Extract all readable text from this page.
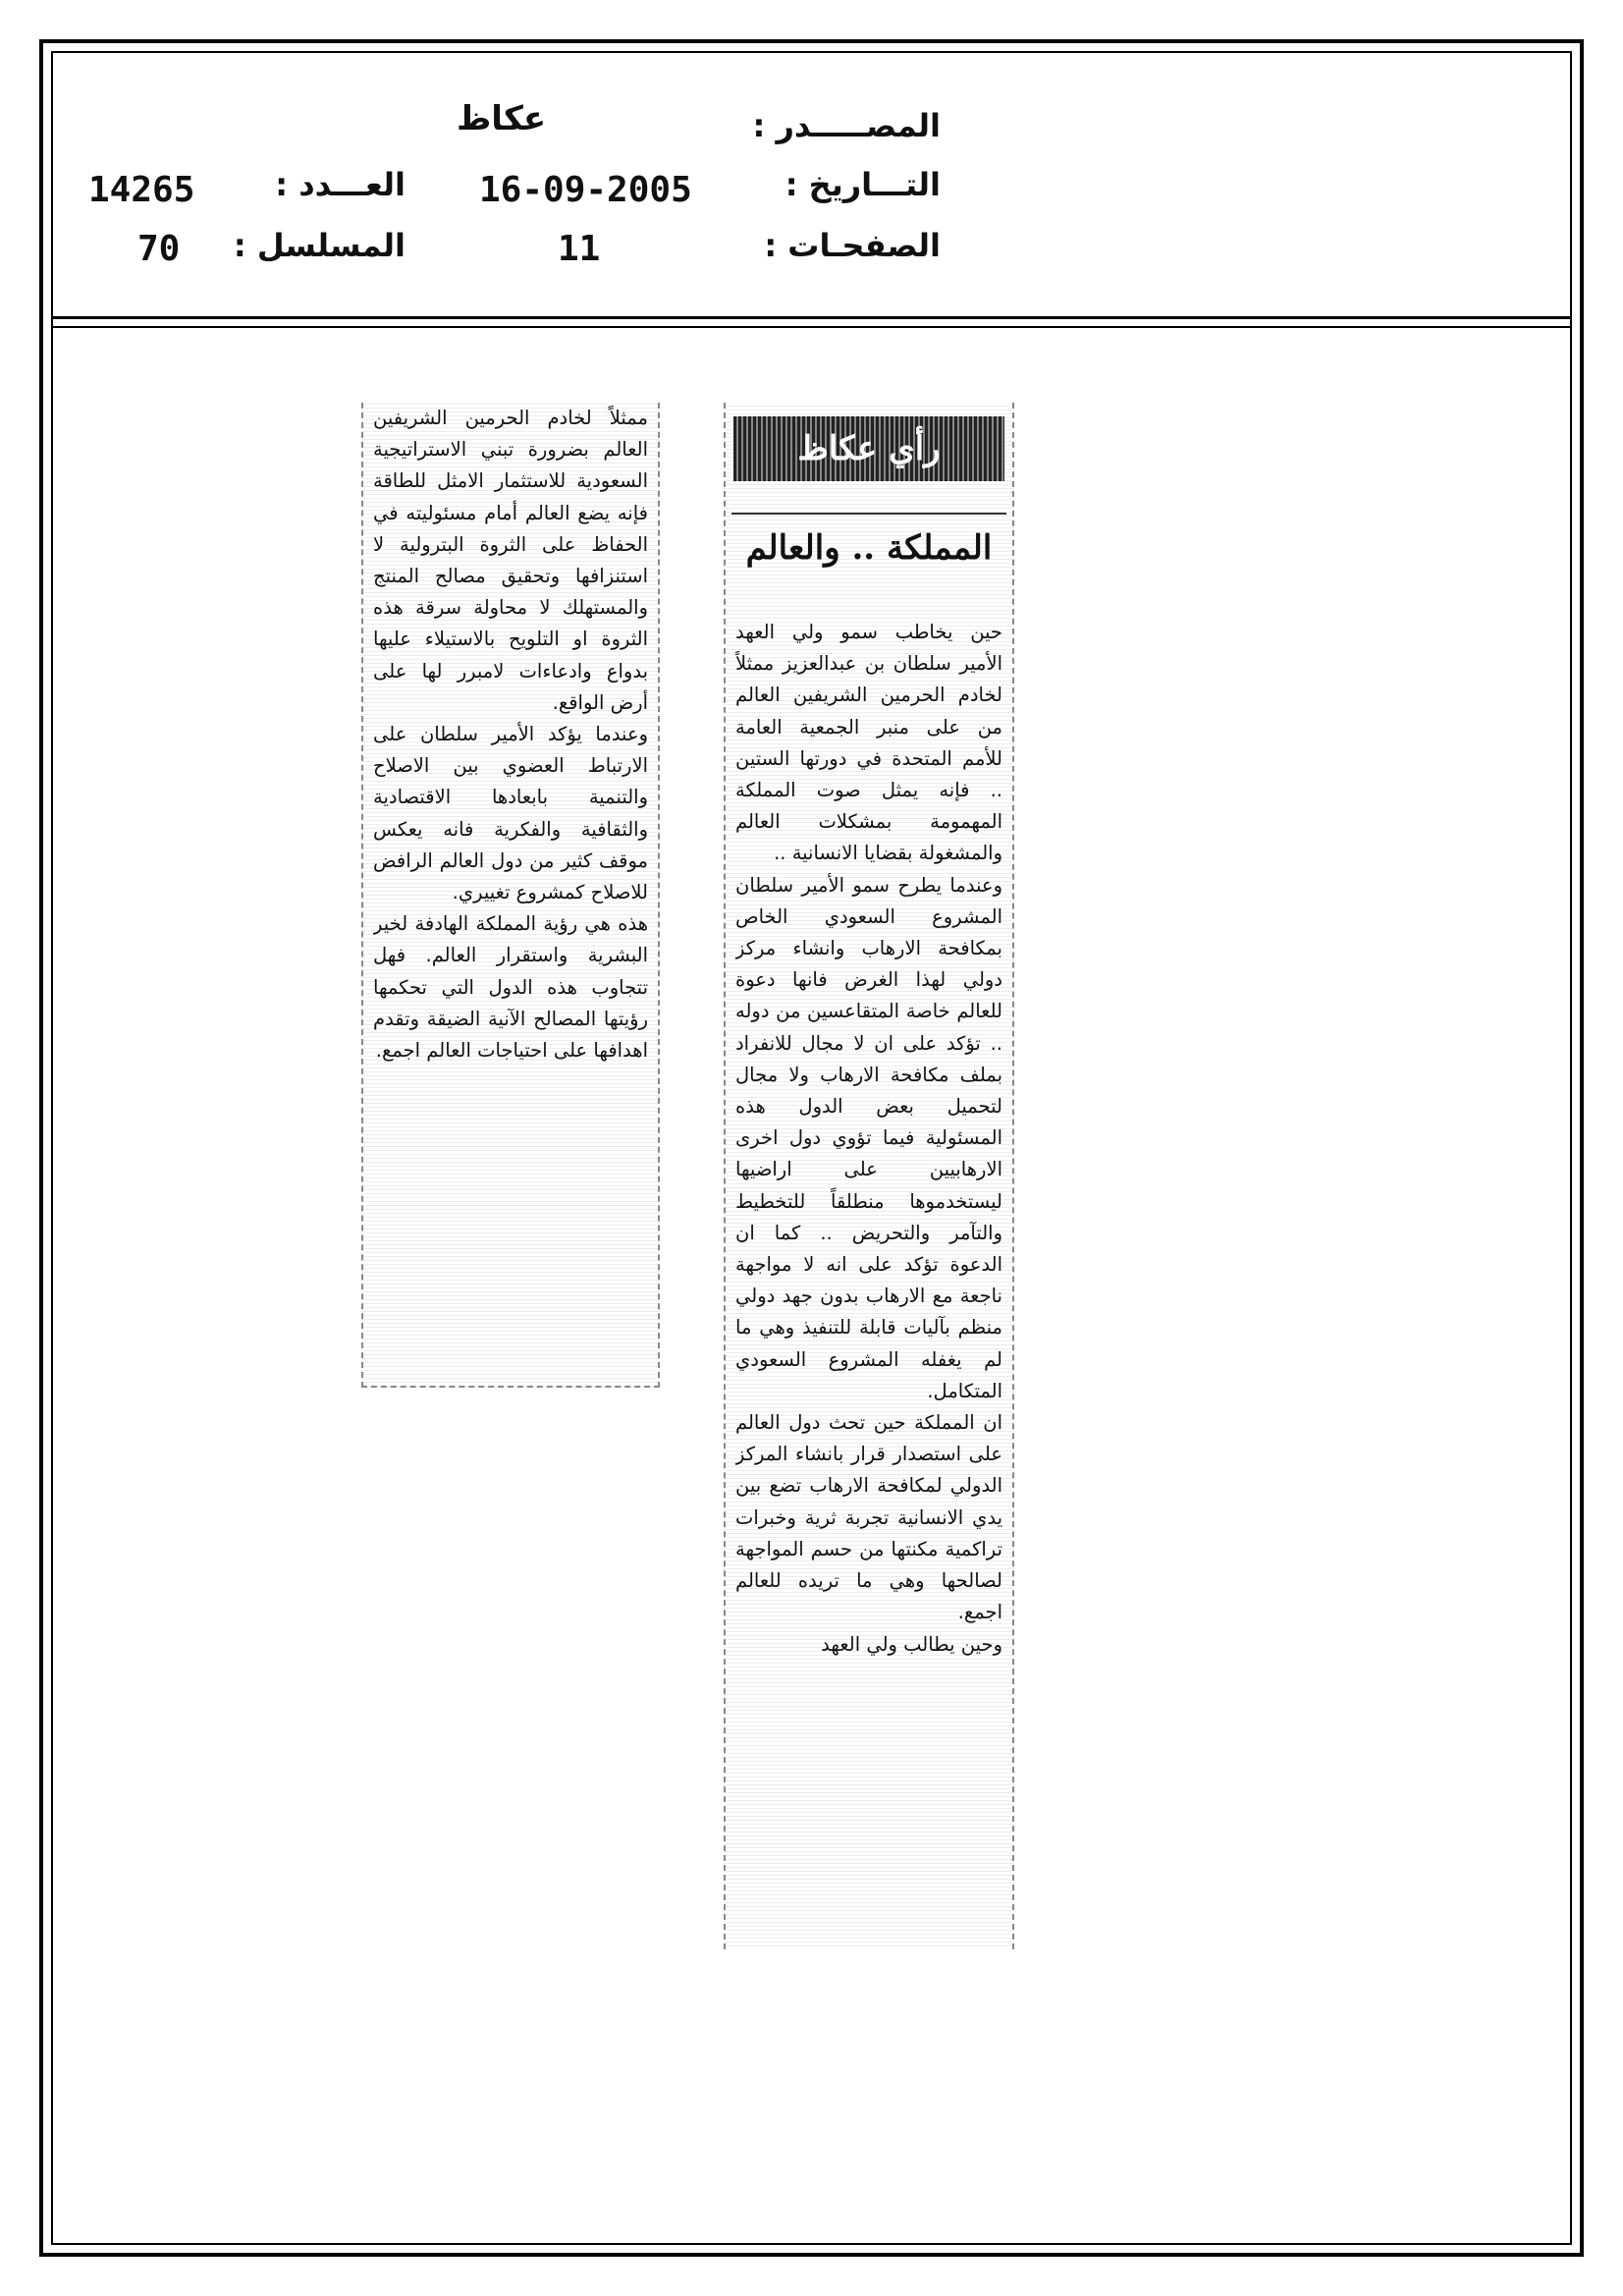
المصـــــدر :
عكاظ
التـــاريخ :
16-09-2005
العـــدد :
14265
الصفحـات :
11
المسلسل :
70
رأي عكاظ
المملكة .. والعالم

حين يخاطب سمو ولي العهد الأمير سلطان بن عبدالعزيز ممثلاً لخادم الحرمين الشريفين العالم من على منبر الجمعية العامة للأمم المتحدة في دورتها الستين .. فإنه يمثل صوت المملكة المهمومة بمشكلات العالم والمشغولة بقضايا الانسانية ..

وعندما يطرح سمو الأمير سلطان المشروع السعودي الخاص بمكافحة الارهاب وانشاء مركز دولي لهذا الغرض فانها دعوة للعالم خاصة المتقاعسين من دوله .. تؤكد على ان لا مجال للانفراد بملف مكافحة الارهاب ولا مجال لتحميل بعض الدول هذه المسئولية فيما تؤوي دول اخرى الارهابيين على اراضيها ليستخدموها منطلقاً للتخطيط والتآمر والتحريض .. كما ان الدعوة تؤكد على انه لا مواجهة ناجعة مع الارهاب بدون جهد دولي منظم بآليات قابلة للتنفيذ وهي ما لم يغفله المشروع السعودي المتكامل.

ان المملكة حين تحث دول العالم على استصدار قرار بانشاء المركز الدولي لمكافحة الارهاب تضع بين يدي الانسانية تجربة ثرية وخبرات تراكمية مكنتها من حسم المواجهة لصالحها وهي ما تريده للعالم اجمع.

وحين يطالب ولي العهد

ممثلاً لخادم الحرمين الشريفين العالم بضرورة تبني الاستراتيجية السعودية للاستثمار الامثل للطاقة فإنه يضع العالم أمام مسئوليته في الحفاظ على الثروة البترولية لا استنزافها وتحقيق مصالح المنتج والمستهلك لا محاولة سرقة هذه الثروة او التلويح بالاستيلاء عليها بدواع وادعاءات لامبرر لها على أرض الواقع.

وعندما يؤكد الأمير سلطان على الارتباط العضوي بين الاصلاح والتنمية بابعادها الاقتصادية والثقافية والفكرية فانه يعكس موقف كثير من دول العالم الرافض للاصلاح كمشروع تغييري.

هذه هي رؤية المملكة الهادفة لخير البشرية واستقرار العالم. فهل تتجاوب هذه الدول التي تحكمها رؤيتها المصالح الآنية الضيقة وتقدم اهدافها على احتياجات العالم اجمع.
